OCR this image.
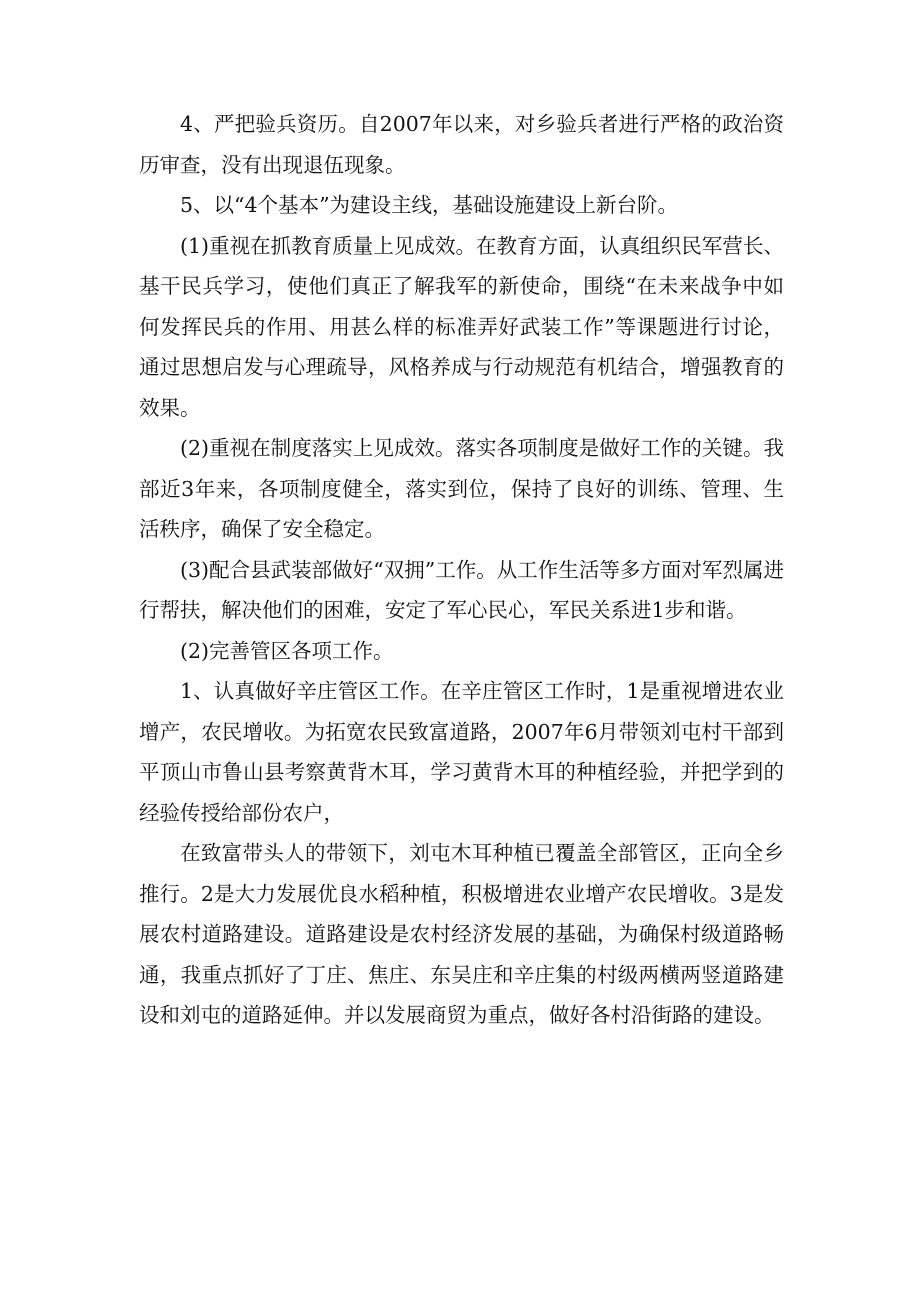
4、严把验兵资历。自2007年以来，对乡验兵者进行严格的政治资历审查，没有出现退伍现象。

5、以“4个基本”为建设主线，基础设施建设上新台阶。

(1)重视在抓教育质量上见成效。在教育方面，认真组织民军营长、基干民兵学习，使他们真正了解我军的新使命，围绕“在未来战争中如何发挥民兵的作用、用甚么样的标准弄好武装工作”等课题进行讨论，通过思想启发与心理疏导，风格养成与行动规范有机结合，增强教育的效果。

(2)重视在制度落实上见成效。落实各项制度是做好工作的关键。我部近3年来，各项制度健全，落实到位，保持了良好的训练、管理、生活秩序，确保了安全稳定。

(3)配合县武装部做好“双拥”工作。从工作生活等多方面对军烈属进行帮扶，解决他们的困难，安定了军心民心，军民关系进1步和谐。

(2)完善管区各项工作。

1、认真做好辛庄管区工作。在辛庄管区工作时，1是重视增进农业增产，农民增收。为拓宽农民致富道路，2007年6月带领刘屯村干部到平顶山市鲁山县考察黄背木耳，学习黄背木耳的种植经验，并把学到的经验传授给部份农户，

在致富带头人的带领下，刘屯木耳种植已覆盖全部管区，正向全乡推行。2是大力发展优良水稻种植，积极增进农业增产农民增收。3是发展农村道路建设。道路建设是农村经济发展的基础，为确保村级道路畅通，我重点抓好了丁庄、焦庄、东吴庄和辛庄集的村级两横两竖道路建设和刘屯的道路延伸。并以发展商贸为重点，做好各村沿街路的建设。
